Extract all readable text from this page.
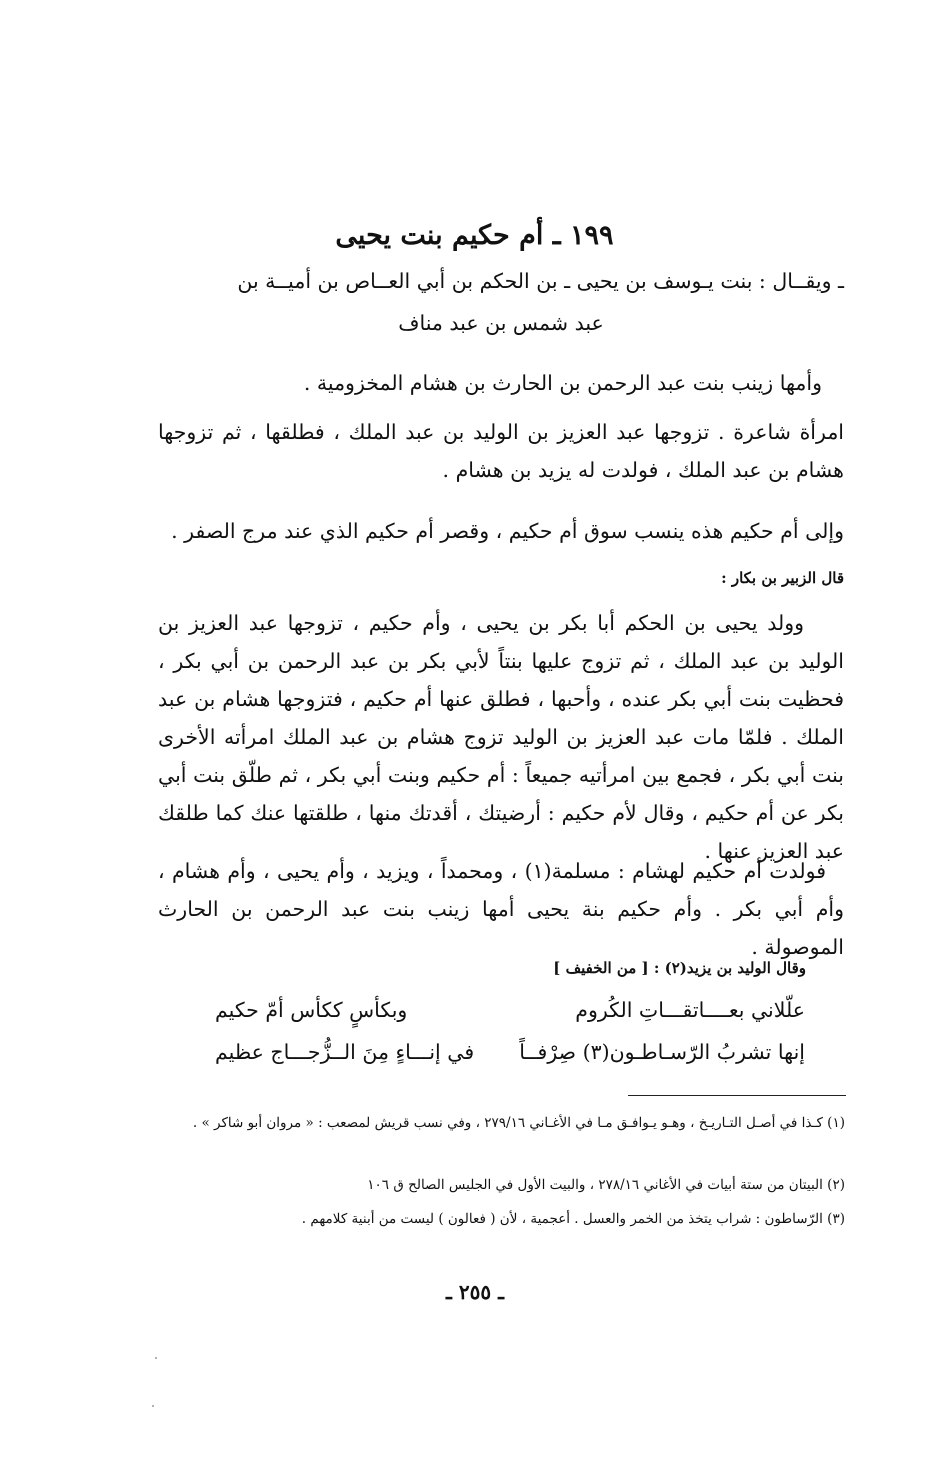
١٩٩ ـ أم حكيم بنت يحيى
ـ ويقــال : بنت يـوسف بن يحيى ـ بن الحكم بن أبي العــاص بن أميــة بن
عبد شمس بن عبد مناف
وأمها زينب بنت عبد الرحمن بن الحارث بن هشام المخزومية .
امرأة شاعرة . تزوجها عبد العزيز بن الوليد بن عبد الملك ، فطلقها ، ثم تزوجها هشام بن عبد الملك ، فولدت له يزيد بن هشام .
وإلى أم حكيم هذه ينسب سوق أم حكيم ، وقصر أم حكيم الذي عند مرج الصفر .
قال الزبير بن بكار :
وولد يحيى بن الحكم أبا بكر بن يحيى ، وأم حكيم ، تزوجها عبد العزيز بن الوليد بن عبد الملك ، ثم تزوج عليها بنتاً لأبي بكر بن عبد الرحمن بن أبي بكر ، فحظيت بنت أبي بكر عنده ، وأحبها ، فطلق عنها أم حكيم ، فتزوجها هشام بن عبد الملك . فلمّا مات عبد العزيز بن الوليد تزوج هشام بن عبد الملك امرأته الأخرى بنت أبي بكر ، فجمع بين امرأتيه جميعاً : أم حكيم وبنت أبي بكر ، ثم طلّق بنت أبي بكر عن أم حكيم ، وقال لأم حكيم : أرضيتك ، أقدتك منها ، طلقتها عنك كما طلقك عبد العزيز عنها .
فولدت أم حكيم لهشام : مسلمة(١) ، ومحمداً ، ويزيد ، وأم يحيى ، وأم هشام ، وأم أبي بكر . وأم حكيم بنة يحيى أمها زينب بنت عبد الرحمن بن الحارث الموصولة .
وقال الوليد بن يزيد(٢) : [ من الخفيف ]
علّلاني بعــــاتقـــاتِ الكُروم
وبكأسٍ ككأس أمّ حكيم
إنها تشربُ الرّسـاطـون(٣) صِرْفــاً
في إنـــاءٍ مِنَ الــزُّجـــاج عظيم
(١) كـذا في أصـل التـاريـخ ، وهـو يـوافـق مـا في الأغـاني ٢٧٩/١٦ ، وفي نسب قريش لمصعب : « مروان أبو شاكر » .
(٢) البيتان من ستة أبيات في الأغاني ٢٧٨/١٦ ، والبيت الأول في الجليس الصالح ق ١٠٦
(٣) الرّساطون : شراب يتخذ من الخمر والعسل . أعجمية ، لأن ( فعالون ) ليست من أبنية كلامهم .
ـ ٢٥٥ ـ
